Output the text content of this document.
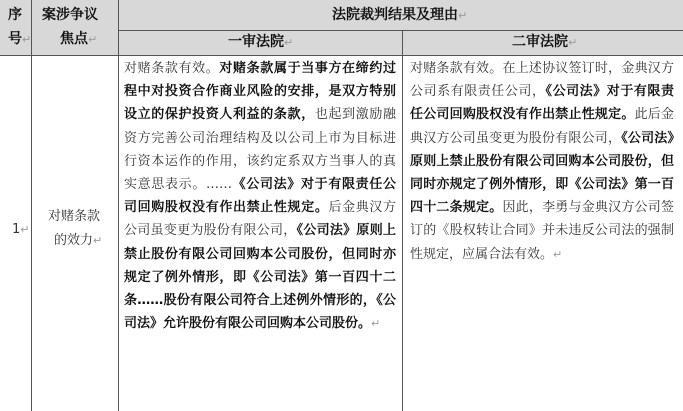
序
号↵
案涉争议
焦点↵
法院裁判结果及理由↵
一审法院↵	二审法院↵
1↵
对赌条款
的效力↵
对赌条款有效。对赌条款属于当事方在缔约过程中对投资合作商业风险的安排，是双方特别设立的保护投资人利益的条款，也起到激励融资方完善公司治理结构及以公司上市为目标进行资本运作的作用，该约定系双方当事人的真实意思表示。……《公司法》对于有限责任公司回购股权没有作出禁止性规定。后金典汉方公司虽变更为股份有限公司，《公司法》原则上禁止股份有限公司回购本公司股份，但同时亦规定了例外情形，即《公司法》第一百四十二条……股份有限公司符合上述例外情形的，《公司法》允许股份有限公司回购本公司股份。↵
对赌条款有效。在上述协议签订时，金典汉方公司系有限责任公司，《公司法》对于有限责任公司回购股权没有作出禁止性规定。此后金典汉方公司虽变更为股份有限公司，《公司法》原则上禁止股份有限公司回购本公司股份，但同时亦规定了例外情形，即《公司法》第一百四十二条规定。因此，李勇与金典汉方公司签订的《股权转让合同》并未违反公司法的强制性规定，应属合法有效。↵
